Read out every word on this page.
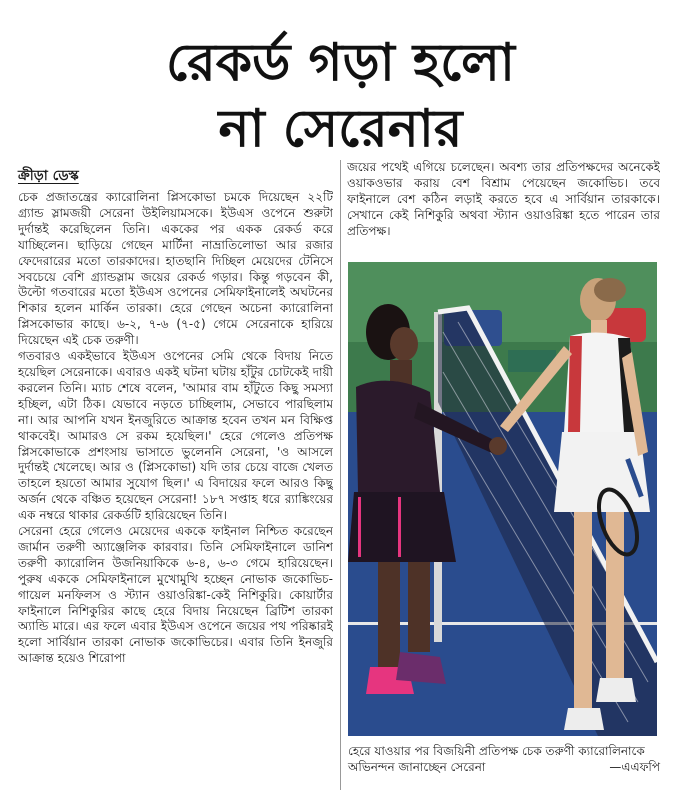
রেকর্ড গড়া হলো
না সেরেনার
ক্রীড়া ডেস্ক

চেক প্রজাতন্ত্রের ক্যারোলিনা প্লিসকোভা চমকে দিয়েছেন ২২টি গ্র্যান্ড স্লামজয়ী সেরেনা উইলিয়ামসকে। ইউএস ওপেনে শুরুটা দুর্দান্তই করেছিলেন তিনি। এককের পর একক রেকর্ড করে যাচ্ছিলেন। ছাড়িয়ে গেছেন মার্টিনা নাভ্রাতিলোভা আর রজার ফেদেরারের মতো তারকাদের। হাতছানি দিচ্ছিল মেয়েদের টেনিসে সবচেয়ে বেশি গ্র্যান্ডস্লাম জয়ের রেকর্ড গড়ার। কিন্তু গড়বেন কী, উল্টো গতবারের মতো ইউএস ওপেনের সেমিফাইনালেই অঘটনের শিকার হলেন মার্কিন তারকা। হেরে গেছেন অচেনা ক্যারোলিনা প্লিসকোভার কাছে। ৬-২, ৭-৬ (৭-৫) গেমে সেরেনাকে হারিয়ে দিয়েছেন এই চেক তরুণী।

গতবারও একইভাবে ইউএস ওপেনের সেমি থেকে বিদায় নিতে হয়েছিল সেরেনাকে। এবারও একই ঘটনা ঘটায় হাঁটুর চোটকেই দায়ী করলেন তিনি। ম্যাচ শেষে বলেন, 'আমার বাম হাঁটুতে কিছু সমস্যা হচ্ছিল, এটা ঠিক। যেভাবে নড়তে চাচ্ছিলাম, সেভাবে পারছিলাম না। আর আপনি যখন ইনজুরিতে আক্রান্ত হবেন তখন মন বিক্ষিপ্ত থাকবেই। আমারও সে রকম হয়েছিল।' হেরে গেলেও প্রতিপক্ষ প্লিসকোভাকে প্রশংসায় ভাসাতে ভুলেননি সেরেনা, 'ও আসলে দুর্দান্তই খেলেছে। আর ও (প্লিসকোভা) যদি তার চেয়ে বাজে খেলত তাহলে হয়তো আমার সুযোগ ছিল।' এ বিদায়ের ফলে আরও কিছু অর্জন থেকে বঞ্চিত হয়েছেন সেরেনা! ১৮৭ সপ্তাহ ধরে র‍্যাঙ্কিংয়ের এক নম্বরে থাকার রেকর্ডটি হারিয়েছেন তিনি।

সেরেনা হেরে গেলেও মেয়েদের এককে ফাইনাল নিশ্চিত করেছেন জার্মান তরুণী অ্যাঞ্জেলিক কারবার। তিনি সেমিফাইনালে ডানিশ তরুণী ক্যারোলিন উজনিয়াকিকে ৬-৪, ৬-৩ গেমে হারিয়েছেন। পুরুষ এককে সেমিফাইনালে মুখোমুখি হচ্ছেন নোভাক জকোভিচ-গায়েল মনফিলস ও স্ট্যান ওয়াওরিঙ্কা-কেই নিশিকুরি। কোয়ার্টার ফাইনালে নিশিকুরির কাছে হেরে বিদায় নিয়েছেন ব্রিটিশ তারকা অ্যান্ডি মারে। এর ফলে এবার ইউএস ওপেনে জয়ের পথ পরিষ্কারই হলো সার্বিয়ান তারকা নোভাক জকোভিচের। এবার তিনি ইনজুরি আক্রান্ত হয়েও শিরোপা

জয়ের পথেই এগিয়ে চলেছেন। অবশ্য তার প্রতিপক্ষদের অনেকেই ওয়াকওভার করায় বেশ বিশ্রাম পেয়েছেন জকোভিচ। তবে ফাইনালে বেশ কঠিন লড়াই করতে হবে এ সার্বিয়ান তারকাকে। সেখানে কেই নিশিকুরি অথবা স্ট্যান ওয়াওরিঙ্কা হতে পারেন তার প্রতিপক্ষ।

হেরে যাওয়ার পর বিজয়িনী প্রতিপক্ষ চেক তরুণী ক্যারোলিনাকে অভিনন্দন জানাচ্ছেন সেরেনা	—এএফপি
